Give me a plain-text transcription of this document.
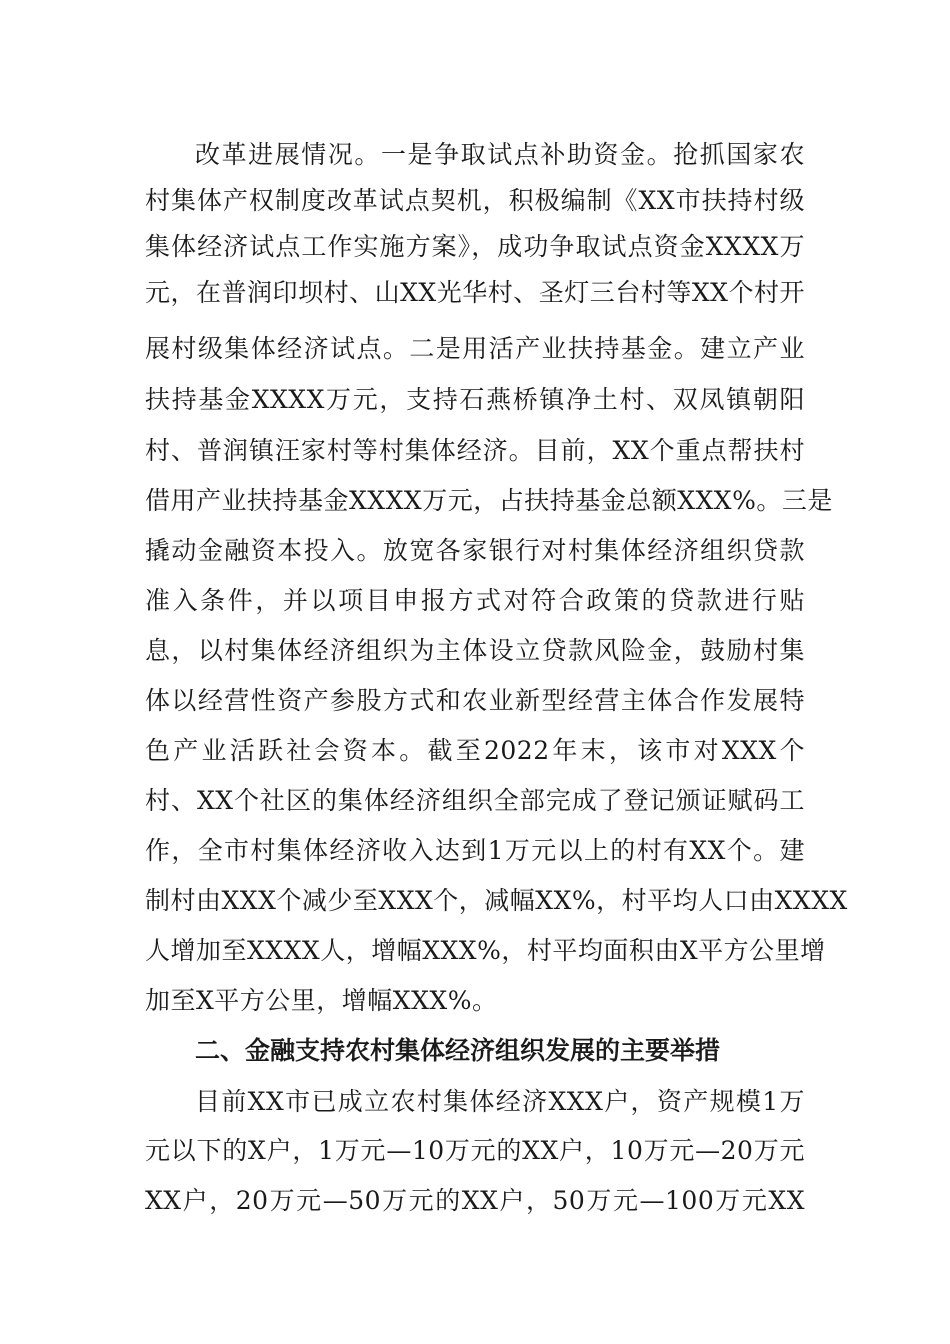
改革进展情况。一是争取试点补助资金。抢抓国家农
村集体产权制度改革试点契机，积极编制《XX市扶持村级
集体经济试点工作实施方案》，成功争取试点资金XXXX万
元，在普润印坝村、山XX光华村、圣灯三台村等XX个村开
展村级集体经济试点。二是用活产业扶持基金。建立产业
扶持基金XXXX万元，支持石燕桥镇净土村、双凤镇朝阳
村、普润镇汪家村等村集体经济。目前，XX个重点帮扶村
借用产业扶持基金XXXX万元，占扶持基金总额XXX%。三是
撬动金融资本投入。放宽各家银行对村集体经济组织贷款
准入条件，并以项目申报方式对符合政策的贷款进行贴
息，以村集体经济组织为主体设立贷款风险金，鼓励村集
体以经营性资产参股方式和农业新型经营主体合作发展特
色产业活跃社会资本。截至2022年末，该市对XXX个
村、XX个社区的集体经济组织全部完成了登记颁证赋码工
作，全市村集体经济收入达到1万元以上的村有XX个。建
制村由XXX个减少至XXX个，减幅XX%，村平均人口由XXXX
人增加至XXXX人，增幅XXX%，村平均面积由X平方公里增
加至X平方公里，增幅XXX%。
二、金融支持农村集体经济组织发展的主要举措
目前XX市已成立农村集体经济XXX户，资产规模1万
元以下的X户，1万元—10万元的XX户，10万元—20万元
XX户，20万元—50万元的XX户，50万元—100万元XX
